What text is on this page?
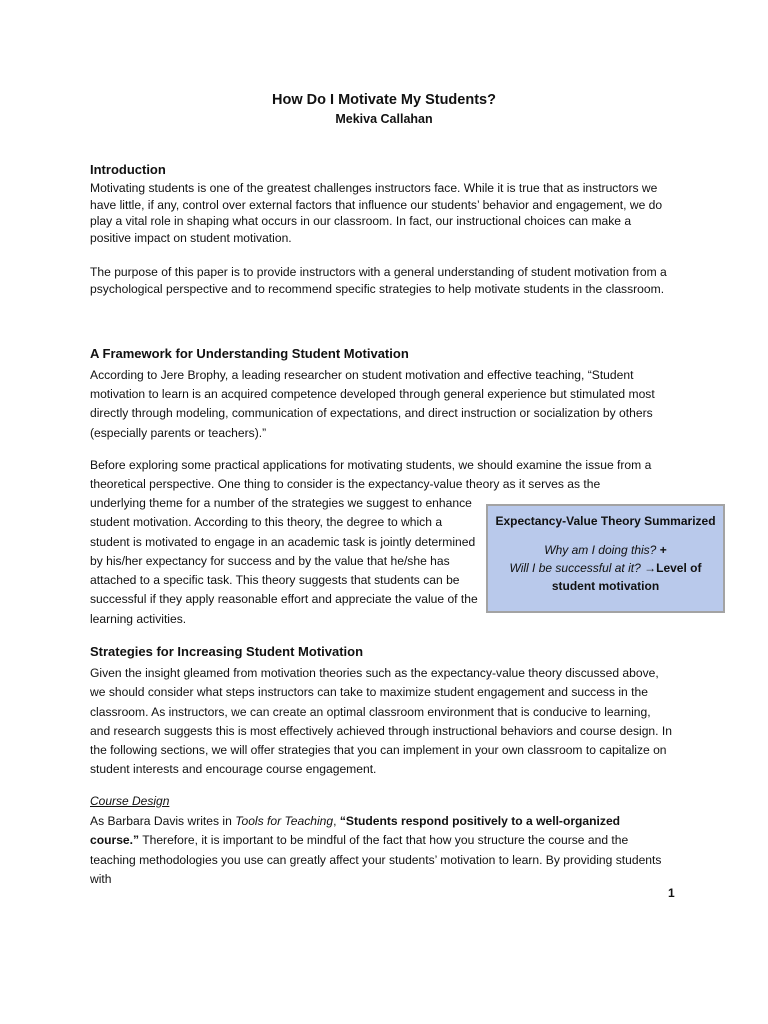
How Do I Motivate My Students?
Mekiva Callahan
Introduction

Motivating students is one of the greatest challenges instructors face. While it is true that as instructors we have little, if any, control over external factors that influence our students’ behavior and engagement, we do play a vital role in shaping what occurs in our classroom. In fact, our instructional choices can make a positive impact on student motivation.

The purpose of this paper is to provide instructors with a general understanding of student motivation from a psychological perspective and to recommend specific strategies to help motivate students in the classroom.

A Framework for Understanding Student Motivation

According to Jere Brophy, a leading researcher on student motivation and effective teaching, “Student motivation to learn is an acquired competence developed through general experience but stimulated most directly through modeling, communication of expectations, and direct instruction or socialization by others (especially parents or teachers).”

Before exploring some practical applications for motivating students, we should examine the issue from a theoretical perspective. One thing to consider is the expectancy-value theory as it serves as the

underlying theme for a number of the strategies we suggest to enhance student motivation. According to this theory, the degree to which a student is motivated to engage in an academic task is jointly determined by his/her expectancy for success and by the value that he/she has attached to a specific task. This theory suggests that students can be successful if they apply reasonable effort and appreciate the value of the learning activities.

Expectancy-Value Theory Summarized
Why am I doing this? +
Will I be successful at it? →Level of
student motivation
Strategies for Increasing Student Motivation

Given the insight gleamed from motivation theories such as the expectancy-value theory discussed above, we should consider what steps instructors can take to maximize student engagement and success in the classroom. As instructors, we can create an optimal classroom environment that is conducive to learning, and research suggests this is most effectively achieved through instructional behaviors and course design. In the following sections, we will offer strategies that you can implement in your own classroom to capitalize on student interests and encourage course engagement.

Course Design

As Barbara Davis writes in Tools for Teaching, “Students respond positively to a well-organized course.” Therefore, it is important to be mindful of the fact that how you structure the course and the teaching methodologies you use can greatly affect your students’ motivation to learn. By providing students with

1
